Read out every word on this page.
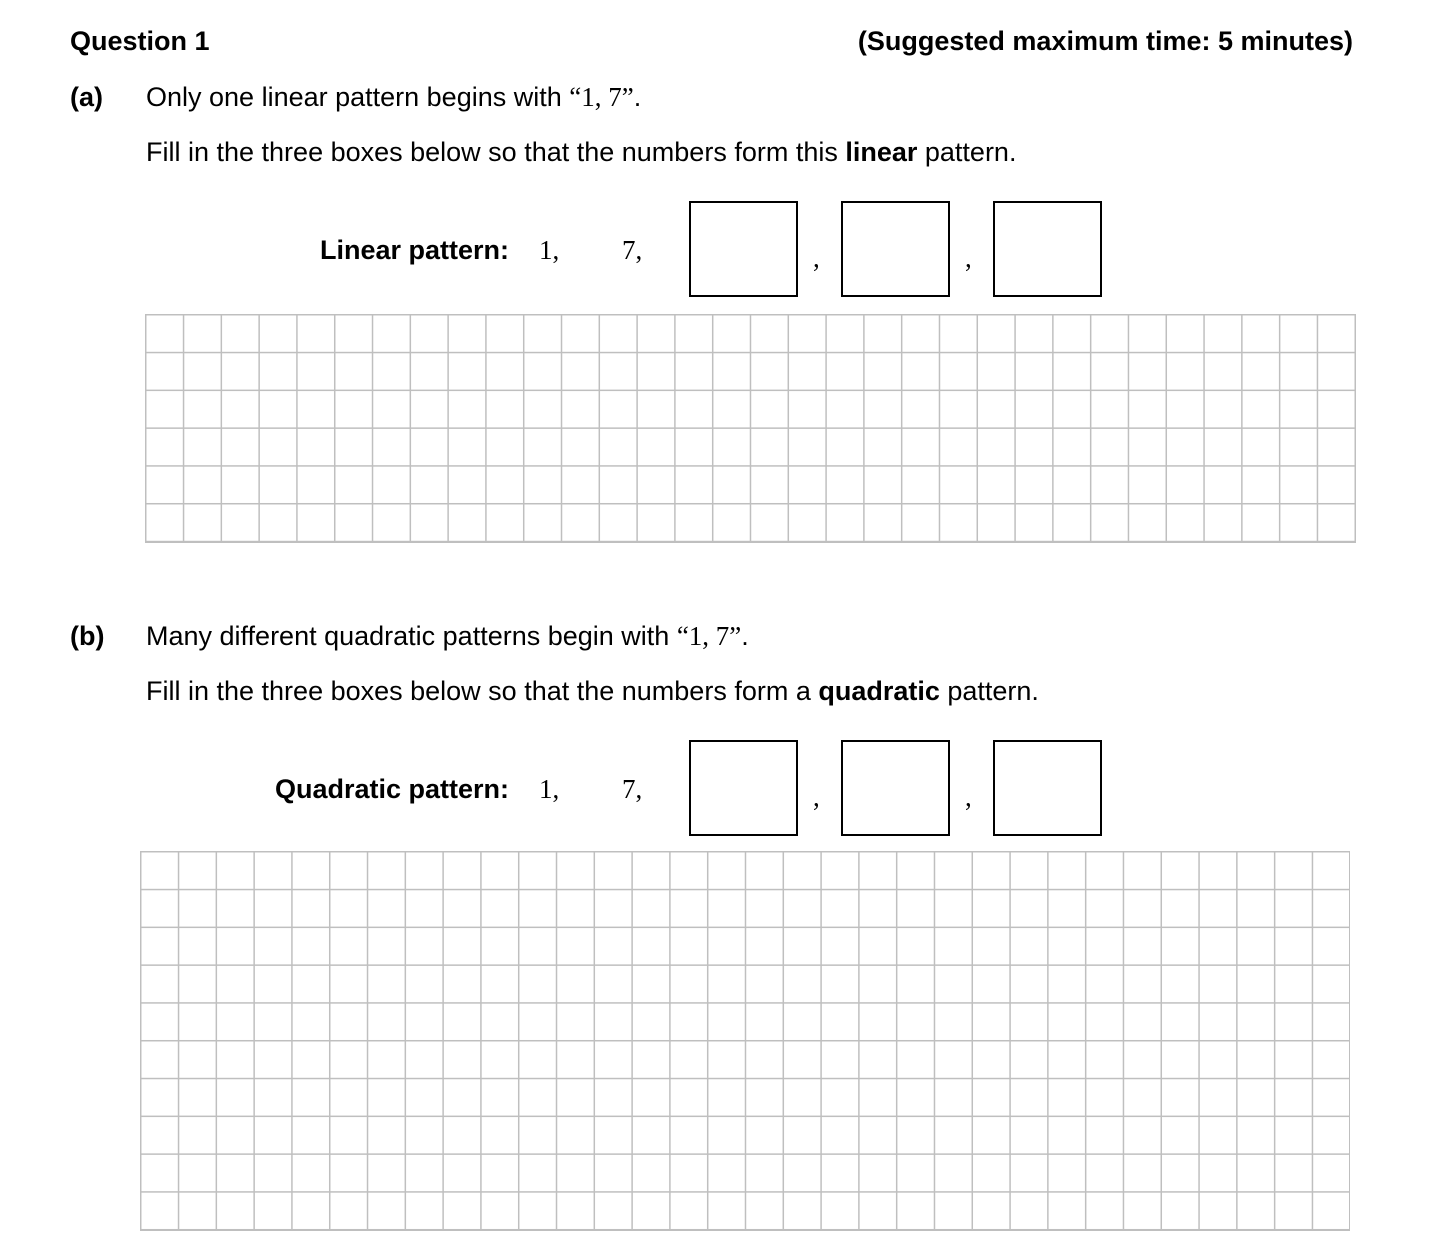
Question 1	(Suggested maximum time: 5 minutes)
(a) Only one linear pattern begins with “1, 7”.
Fill in the three boxes below so that the numbers form this linear pattern.
Linear pattern: 1, 7,	,	,
(b) Many different quadratic patterns begin with “1, 7”.
Fill in the three boxes below so that the numbers form a quadratic pattern.
Quadratic pattern: 1, 7,	,	,
